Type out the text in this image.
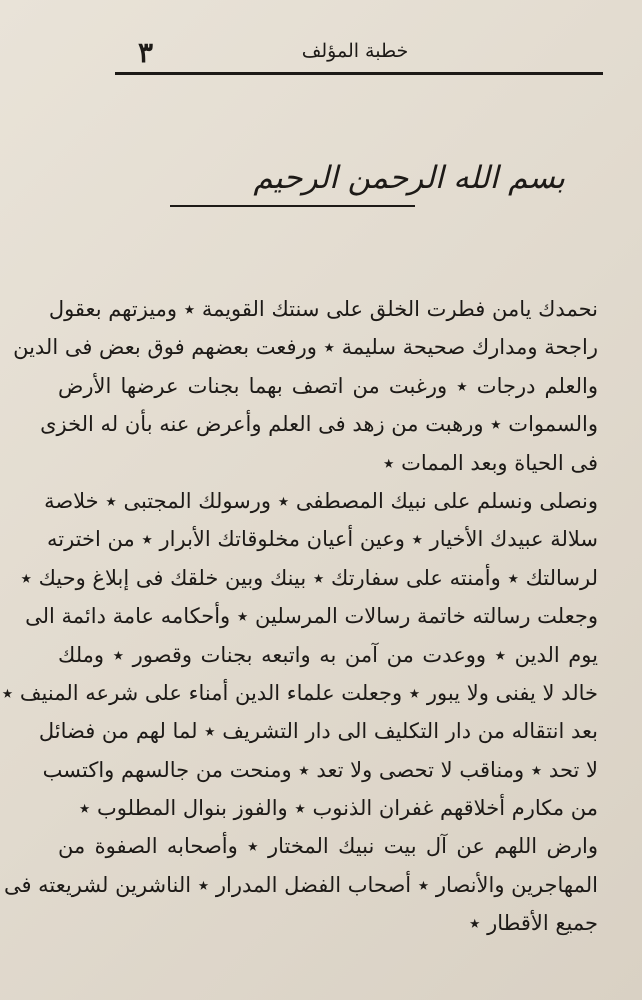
٣	خطبة المؤلف
بسم الله الرحمن الرحيم
نحمدك يامن فطرت الخلق على سنتك القويمة ٭ وميزتهم بعقول
راجحة ومدارك صحيحة سليمة ٭ ورفعت بعضهم فوق بعض فى الدين
والعلم درجات ٭ ورغبت من اتصف بهما بجنات عرضها الأرض
والسموات ٭ ورهبت من زهد فى العلم وأعرض عنه بأن له الخزى
فى الحياة وبعد الممات ٭
ونصلى ونسلم على نبيك المصطفى ٭ ورسولك المجتبى ٭ خلاصة
سلالة عبيدك الأخيار ٭ وعين أعيان مخلوقاتك الأبرار ٭ من اخترته
لرسالتك ٭ وأمنته على سفارتك ٭ بينك وبين خلقك فى إبلاغ وحيك ٭
وجعلت رسالته خاتمة رسالات المرسلين ٭ وأحكامه عامة دائمة الى
يوم الدين ٭ ووعدت من آمن به واتبعه بجنات وقصور ٭ وملك
خالد لا يفنى ولا يبور ٭ وجعلت علماء الدين أمناء على شرعه المنيف ٭
بعد انتقاله من دار التكليف الى دار التشريف ٭ لما لهم من فضائل
لا تحد ٭ ومناقب لا تحصى ولا تعد ٭ ومنحت من جالسهم واكتسب
من مكارم أخلاقهم غفران الذنوب ٭ والفوز بنوال المطلوب ٭
وارض اللهم عن آل بيت نبيك المختار ٭ وأصحابه الصفوة من
المهاجرين والأنصار ٭ أصحاب الفضل المدرار ٭ الناشرين لشريعته فى
جميع الأقطار ٭
